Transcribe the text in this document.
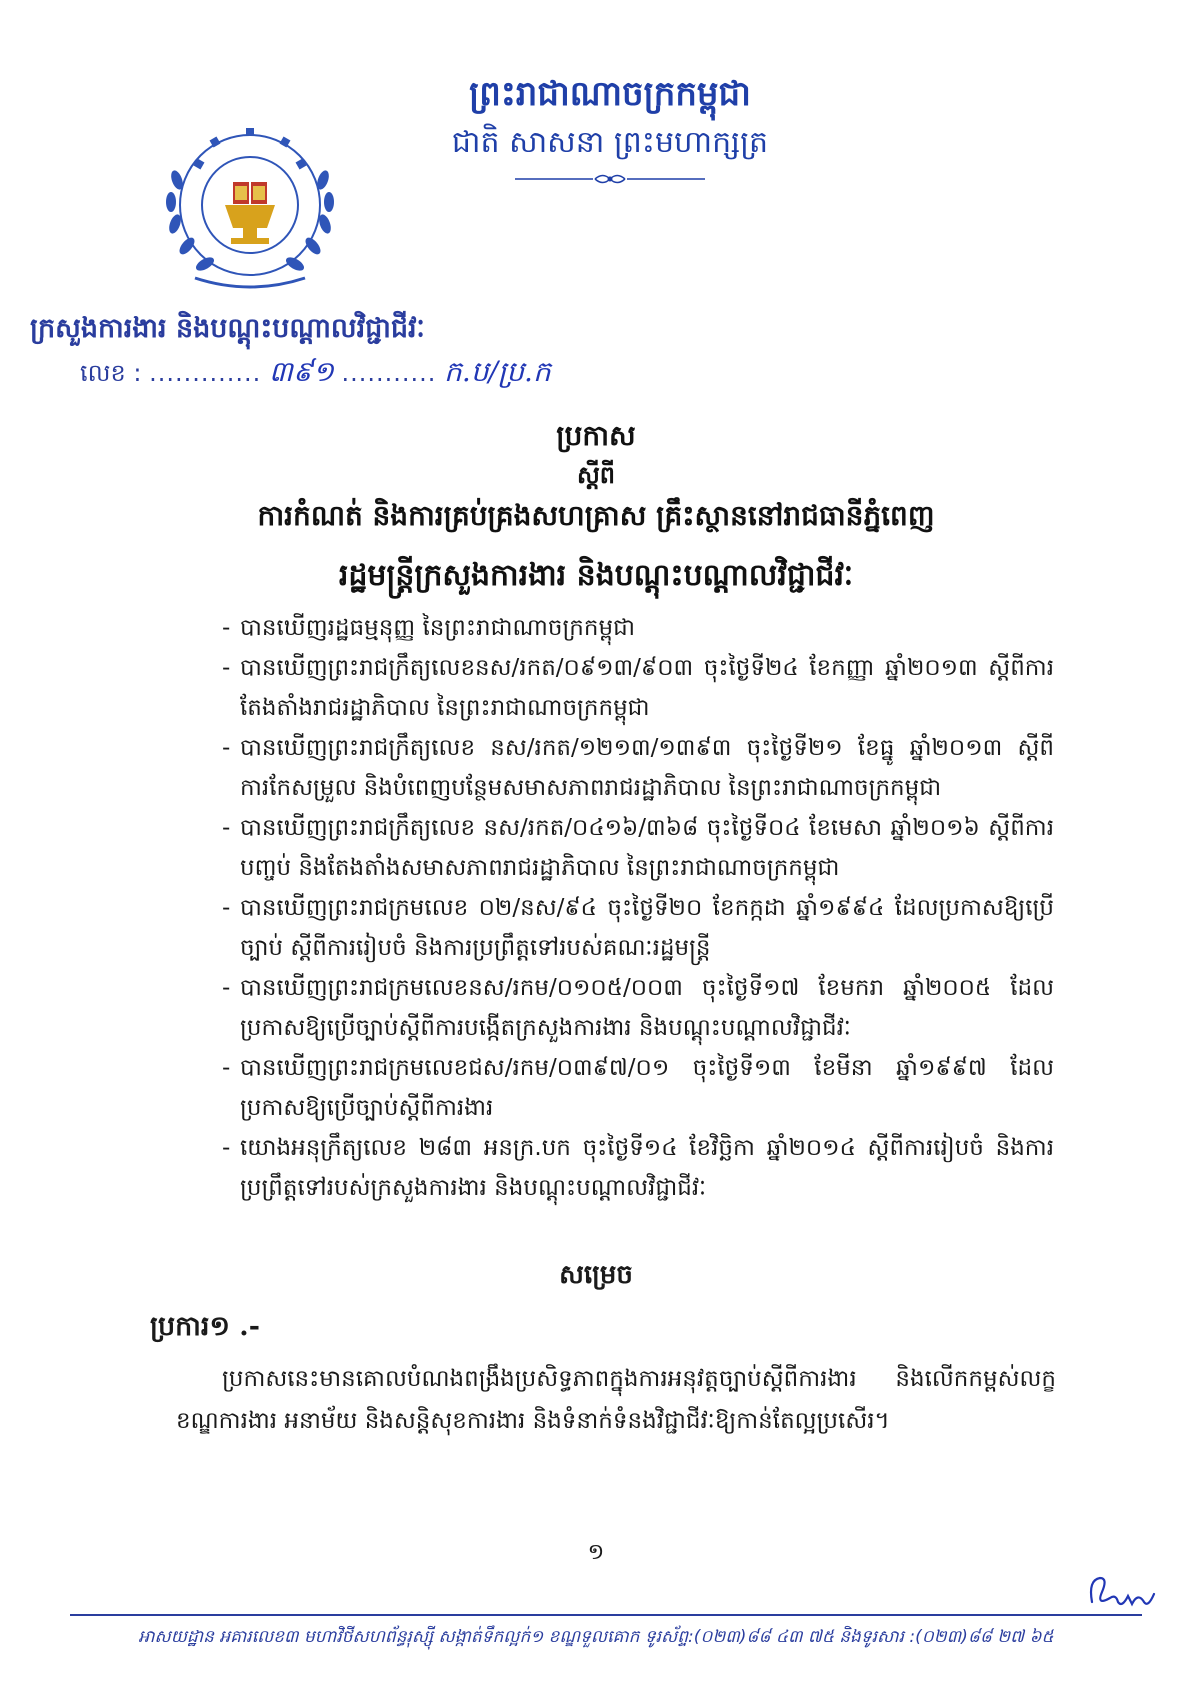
ព្រះរាជាណាចក្រកម្ពុជា
ជាតិ សាសនា ព្រះមហាក្សត្រ
ក្រសួងការងារ និងបណ្តុះបណ្តាលវិជ្ជាជីវៈ
លេខ : ............. ៣៩១ ........... ក.ប/ប្រ.ក
ប្រកាស
ស្តីពី
ការកំណត់ និងការគ្រប់គ្រងសហគ្រាស គ្រឹះស្ថាននៅរាជធានីភ្នំពេញ
រដ្ឋមន្ត្រីក្រសួងការងារ និងបណ្តុះបណ្តាលវិជ្ជាជីវៈ
- បានឃើញរដ្ឋធម្មនុញ្ញ នៃព្រះរាជាណាចក្រកម្ពុជា
- បានឃើញព្រះរាជក្រឹត្យលេខនស/រកត/០៩១៣/៩០៣ ចុះថ្ងៃទី២៤ ខែកញ្ញា ឆ្នាំ២០១៣ ស្តីពីការតែងតាំងរាជរដ្ឋាភិបាល នៃព្រះរាជាណាចក្រកម្ពុជា
- បានឃើញព្រះរាជក្រឹត្យលេខ នស/រកត/១២១៣/១៣៩៣ ចុះថ្ងៃទី២១ ខែធ្នូ ឆ្នាំ២០១៣ ស្តីពីការកែសម្រួល និងបំពេញបន្ថែមសមាសភាពរាជរដ្ឋាភិបាល នៃព្រះរាជាណាចក្រកម្ពុជា
- បានឃើញព្រះរាជក្រឹត្យលេខ នស/រកត/០៤១៦/៣៦៨ ចុះថ្ងៃទី០៤ ខែមេសា ឆ្នាំ២០១៦ ស្តីពីការបញ្ចប់ និងតែងតាំងសមាសភាពរាជរដ្ឋាភិបាល នៃព្រះរាជាណាចក្រកម្ពុជា
- បានឃើញព្រះរាជក្រមលេខ ០២/នស/៩៤ ចុះថ្ងៃទី២០ ខែកក្កដា ឆ្នាំ១៩៩៤ ដែលប្រកាសឱ្យប្រើច្បាប់ ស្តីពីការរៀបចំ និងការប្រព្រឹត្តទៅរបស់គណៈរដ្ឋមន្ត្រី
- បានឃើញព្រះរាជក្រមលេខនស/រកម/០១០៥/០០៣ ចុះថ្ងៃទី១៧ ខែមករា ឆ្នាំ២០០៥ ដែលប្រកាសឱ្យប្រើច្បាប់ស្តីពីការបង្កើតក្រសួងការងារ និងបណ្តុះបណ្តាលវិជ្ជាជីវៈ
- បានឃើញព្រះរាជក្រមលេខជស/រកម/០៣៩៧/០១ ចុះថ្ងៃទី១៣ ខែមីនា ឆ្នាំ១៩៩៧ ដែលប្រកាសឱ្យប្រើច្បាប់ស្តីពីការងារ
- យោងអនុក្រឹត្យលេខ ២៨៣ អនក្រ.បក ចុះថ្ងៃទី១៤ ខែវិច្ឆិកា ឆ្នាំ២០១៤ ស្តីពីការរៀបចំ និងការប្រព្រឹត្តទៅរបស់ក្រសួងការងារ និងបណ្តុះបណ្តាលវិជ្ជាជីវៈ
សម្រេច
ប្រការ១ .-
ប្រកាសនេះមានគោលបំណងពង្រឹងប្រសិទ្ធភាពក្នុងការអនុវត្តច្បាប់ស្តីពីការងារ និងលើកកម្ពស់លក្ខខណ្ឌការងារ អនាម័យ និងសន្តិសុខការងារ និងទំនាក់ទំនងវិជ្ជាជីវៈឱ្យកាន់តែល្អប្រសើរ។
១
អាសយដ្ឋាន អគារលេខ៣ មហាវិថីសហព័ន្ធរុស្ស៊ី សង្កាត់ទឹកល្អក់១ ខណ្ឌទួលគោក ទូរស័ព្ទ:(០២៣)៨៨ ៤៣ ៧៥ និងទូរសារ :(០២៣)៨៨ ២៧ ៦៥
